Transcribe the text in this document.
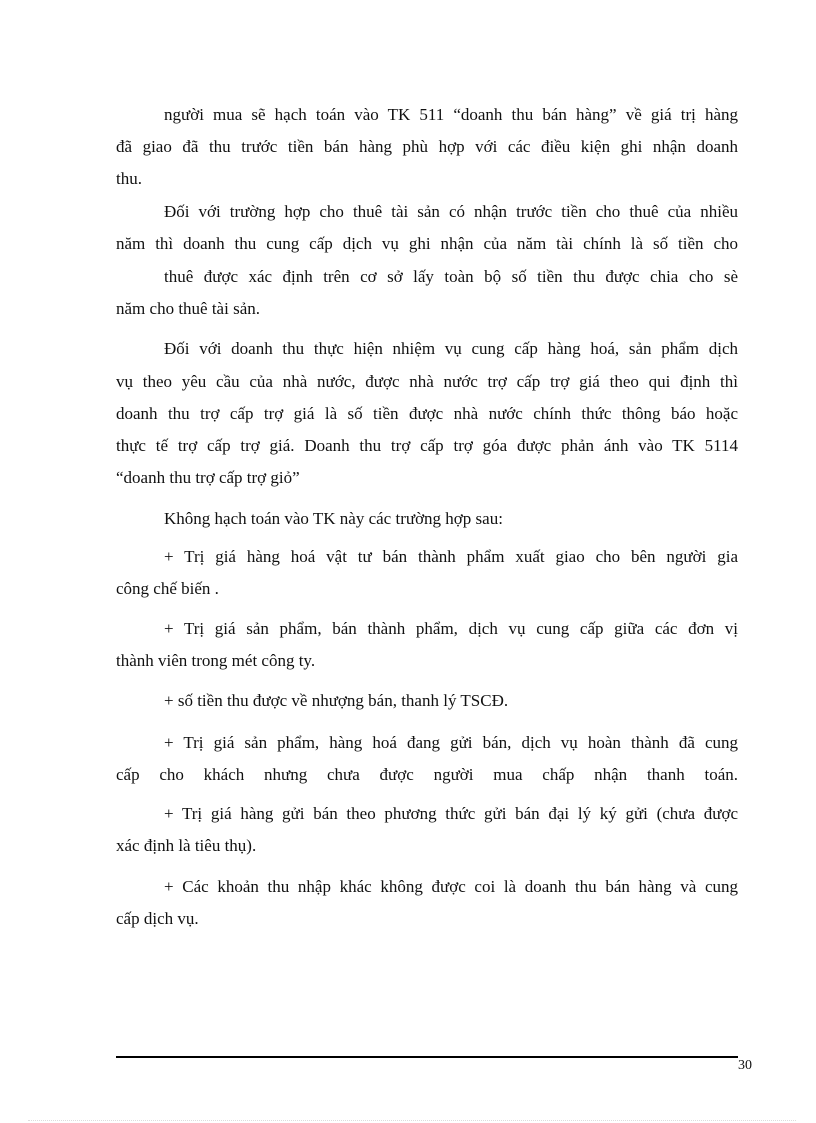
người mua sẽ hạch toán vào TK 511 “doanh thu bán hàng” về giá trị hàng
đã giao đã thu trước tiền bán hàng phù hợp với các điều kiện ghi nhận doanh
thu.
Đối với trường hợp cho thuê tài sản có nhận trước tiền cho thuê của nhiều
năm thì doanh thu cung cấp dịch vụ ghi nhận của năm tài chính là số tiền cho
thuê được xác định trên cơ sở lấy toàn bộ số tiền thu được chia cho sè
năm cho thuê tài sản.
Đối với doanh thu thực hiện nhiệm vụ cung cấp hàng hoá, sản phẩm dịch
vụ theo yêu cầu của nhà nước, được nhà nước trợ cấp trợ giá theo qui định thì
doanh thu trợ cấp trợ giá là số tiền được nhà nước chính thức thông báo hoặc
thực tế trợ cấp trợ giá. Doanh thu trợ cấp trợ góa được phản ánh vào TK 5114
“doanh thu trợ cấp trợ giỏ”
Không hạch toán vào TK này các trường hợp sau:
+ Trị giá hàng hoá vật tư bán thành phẩm xuất giao cho bên người gia
công chế biến .
+ Trị giá sản phẩm, bán thành phẩm, dịch vụ cung cấp giữa các đơn vị
thành viên trong mét công ty.
+ số tiền thu được về nhượng bán, thanh lý TSCĐ.
+ Trị giá sản phẩm, hàng hoá đang gửi bán, dịch vụ hoàn thành đã cung
cấp cho khách nhưng chưa được người mua chấp nhận thanh toán.
+ Trị giá hàng gửi bán theo phương thức gửi bán đại lý ký gửi (chưa được
xác định là tiêu thụ).
+ Các khoản thu nhập khác không được coi là doanh thu bán hàng và cung
cấp dịch vụ.
30
